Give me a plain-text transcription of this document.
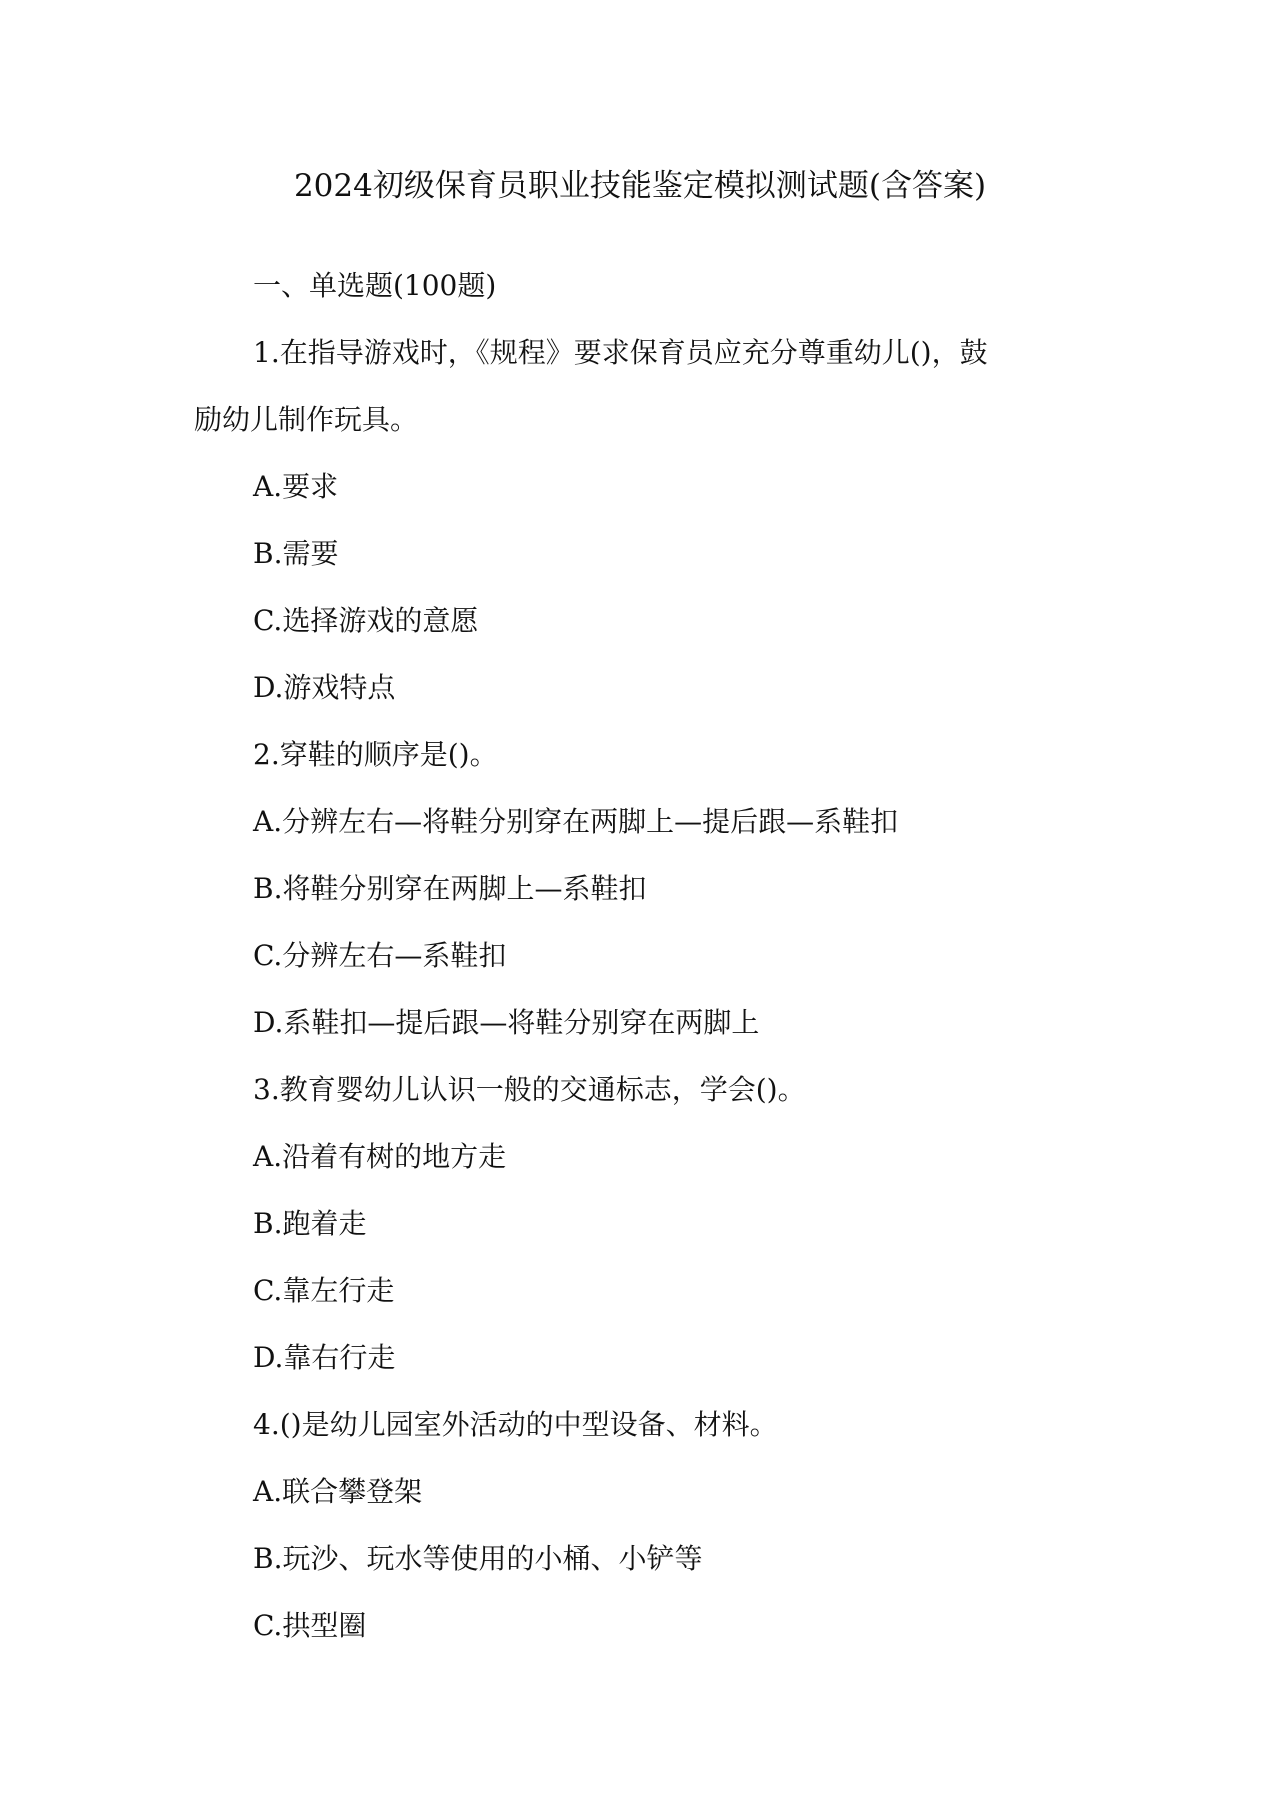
2024初级保育员职业技能鉴定模拟测试题(含答案)
一、单选题(100题)
1.在指导游戏时，《规程》要求保育员应充分尊重幼儿()，鼓
励幼儿制作玩具。
A.要求
B.需要
C.选择游戏的意愿
D.游戏特点
2.穿鞋的顺序是()。
A.分辨左右—将鞋分别穿在两脚上—提后跟—系鞋扣
B.将鞋分别穿在两脚上—系鞋扣
C.分辨左右—系鞋扣
D.系鞋扣—提后跟—将鞋分别穿在两脚上
3.教育婴幼儿认识一般的交通标志，学会()。
A.沿着有树的地方走
B.跑着走
C.靠左行走
D.靠右行走
4.()是幼儿园室外活动的中型设备、材料。
A.联合攀登架
B.玩沙、玩水等使用的小桶、小铲等
C.拱型圈
